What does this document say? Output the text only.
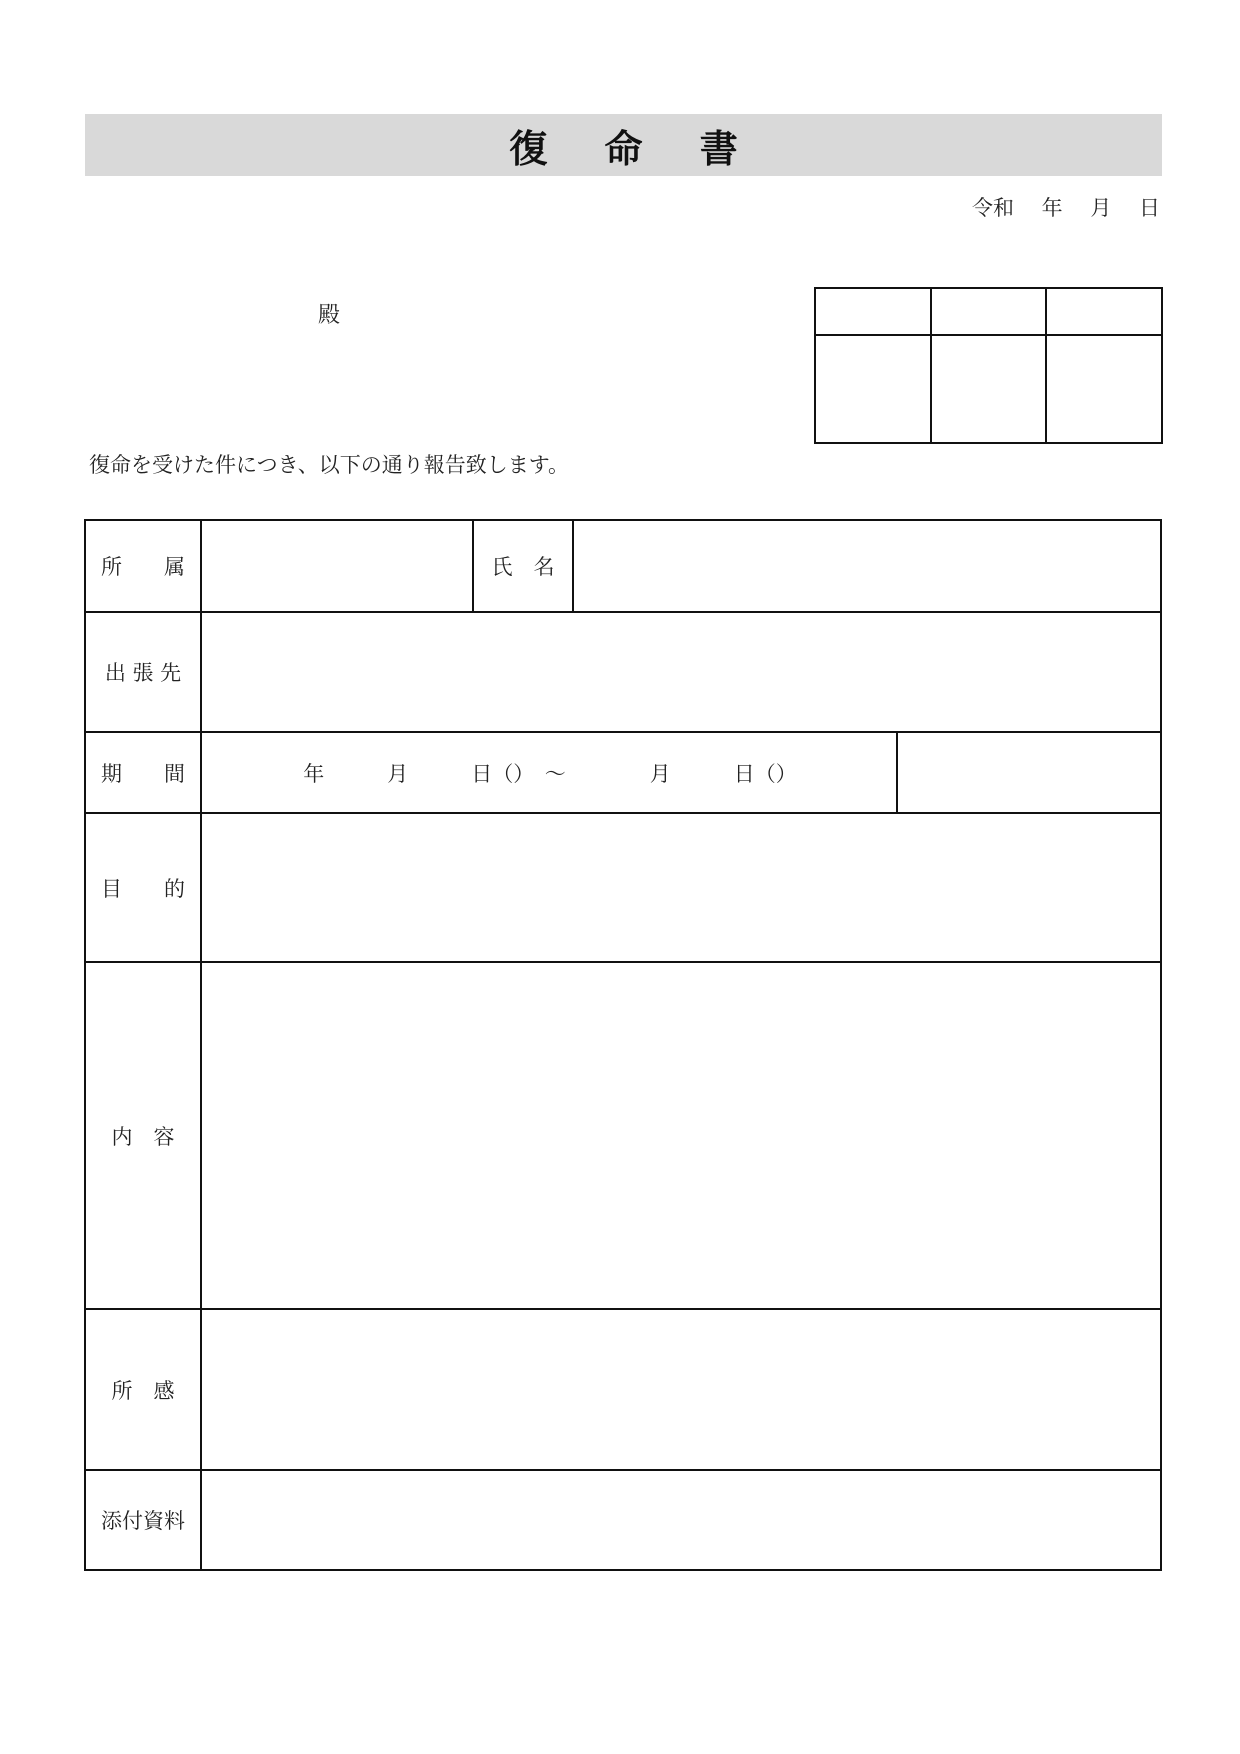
復 命 書
令和　 年　 月　 日
殿

復命を受けた件につき、以下の通り報告致します。
所　　属	氏　名
出 張 先
期　　間	年　　　月　　　日（）　～　　　　月　　　日（）
目　　的
内　容
所　感
添付資料
